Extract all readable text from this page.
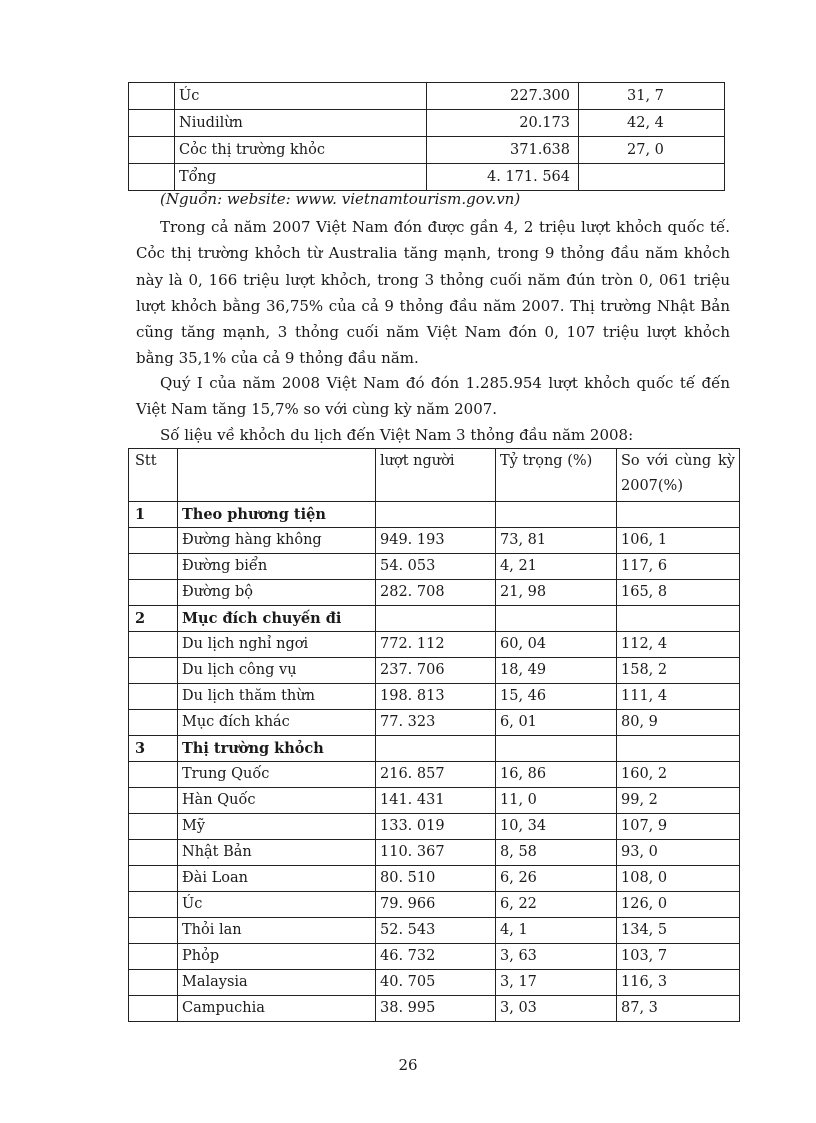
	Úc	227.300	31, 7
	Niudilừn	20.173	42, 4
	Cỏc thị trường khỏc	371.638	27, 0
	Tổng	4. 171. 564	
(Nguồn: website: www. vietnamtourism.gov.vn)

Trong cả năm 2007 Việt Nam đón được gần 4, 2 triệu lượt khỏch quốc tế. Cỏc thị trường khỏch từ Australia tăng mạnh, trong 9 thỏng đầu năm khỏch này là 0, 166 triệu lượt khỏch, trong 3 thỏng cuối năm đún tròn 0, 061 triệu lượt khỏch bằng 36,75% của cả 9 thỏng đầu năm 2007. Thị trường Nhật Bản cũng tăng mạnh, 3 thỏng cuối năm Việt Nam đón 0, 107 triệu lượt khỏch bằng 35,1% của cả 9 thỏng đầu năm.

Quý I của năm 2008 Việt Nam đó đón 1.285.954 lượt khỏch quốc tế đến Việt Nam tăng 15,7% so với cùng kỳ năm 2007.

Số liệu về khỏch du lịch đến Việt Nam 3 thỏng đầu năm 2008:

Stt		lượt người	Tỷ trọng (%)	So với cùng kỳ 2007(%)
1	Theo phương tiện			
	Đường hàng không	949. 193	73, 81	106, 1
	Đường biển	54. 053	4, 21	117, 6
	Đường bộ	282. 708	21, 98	165, 8
2	Mục đích chuyến đi			
	Du lịch nghỉ ngơi	772. 112	60, 04	112, 4
	Du lịch công vụ	237. 706	18, 49	158, 2
	Du lịch thăm thừn	198. 813	15, 46	111, 4
	Mục đích khác	77. 323	6, 01	80, 9
3	Thị trường khỏch			
	Trung Quốc	216. 857	16, 86	160, 2
	Hàn Quốc	141. 431	11, 0	99, 2
	Mỹ	133. 019	10, 34	107, 9
	Nhật Bản	110. 367	8, 58	93, 0
	Đài Loan	80. 510	6, 26	108, 0
	Úc	79. 966	6, 22	126, 0
	Thỏi lan	52. 543	4, 1	134, 5
	Phỏp	46. 732	3, 63	103, 7
	Malaysia	40. 705	3, 17	116, 3
	Campuchia	38. 995	3, 03	87, 3
26
